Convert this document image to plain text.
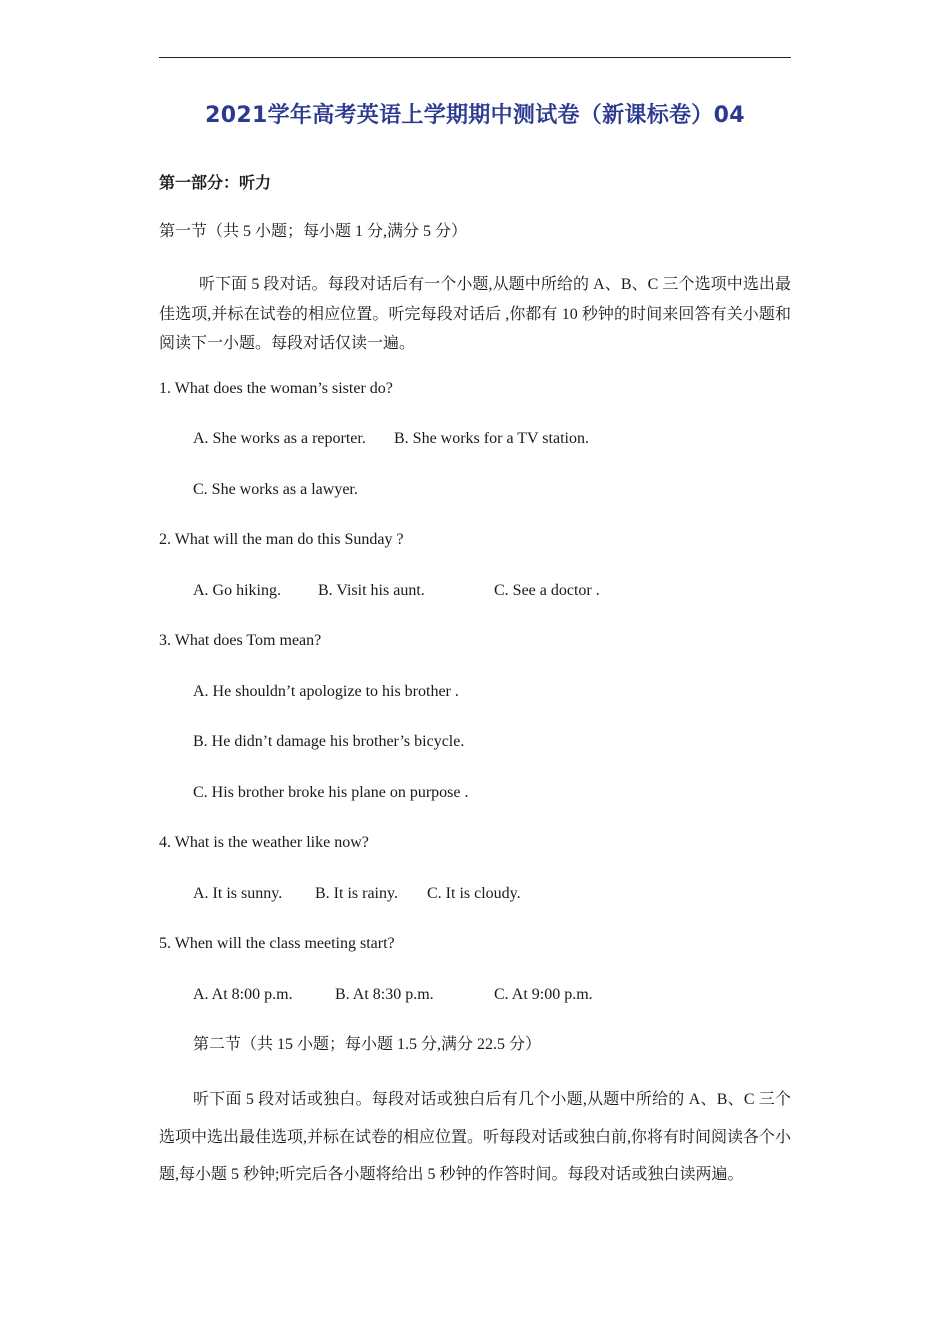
2021学年高考英语上学期期中测试卷（新课标卷）04
第一部分：听力
第一节（共 5 小题；每小题 1 分,满分 5 分）
听下面 5 段对话。每段对话后有一个小题,从题中所给的 A、B、C 三个选项中选出最佳选项,并标在试卷的相应位置。听完每段对话后 ,你都有 10 秒钟的时间来回答有关小题和阅读下一小题。每段对话仅读一遍。
1. What does the woman’s sister do?
A. She works as a reporter. B. She works for a TV station.
C. She works as a lawyer.
2. What will the man do this Sunday ?
A. Go hiking. B. Visit his aunt.	C. See a doctor .
3. What does Tom mean?
A. He shouldn’t apologize to his brother .
B. He didn’t damage his brother’s bicycle.
C. His brother broke his plane on purpose .
4. What is the weather like now?
A. It is sunny. B. It is rainy. C. It is cloudy.
5. When will the class meeting start?
A. At 8:00 p.m.	B. At 8:30 p.m.	C. At 9:00 p.m.
第二节（共 15 小题；每小题 1.5 分,满分 22.5 分）
听下面 5 段对话或独白。每段对话或独白后有几个小题,从题中所给的 A、B、C 三个选项中选出最佳选项,并标在试卷的相应位置。听每段对话或独白前,你将有时间阅读各个小题,每小题 5 秒钟;听完后各小题将给出 5 秒钟的作答时间。每段对话或独白读两遍。
